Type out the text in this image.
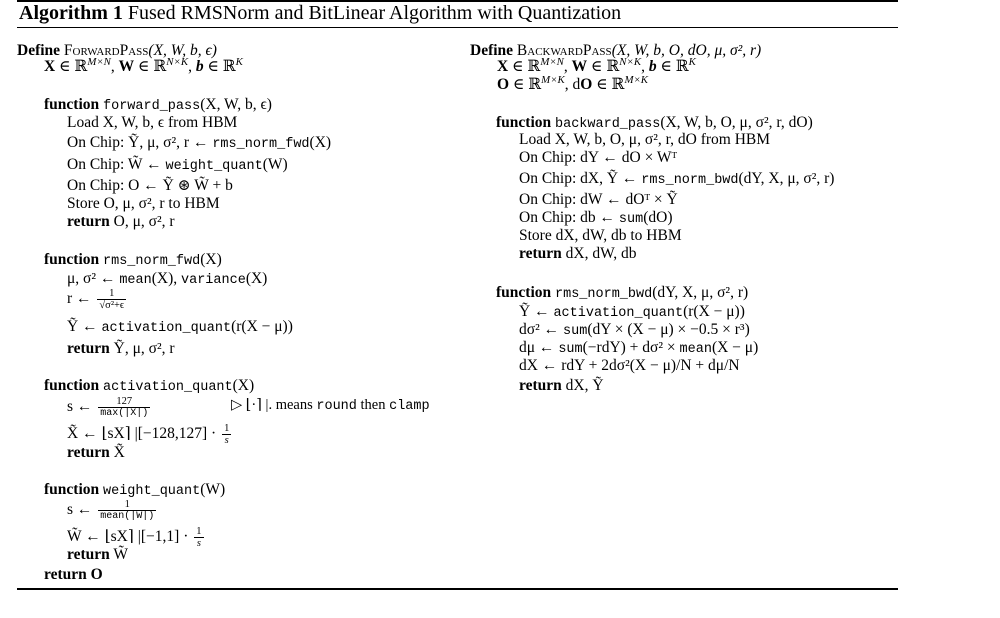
Algorithm 1 Fused RMSNorm and BitLinear Algorithm with Quantization
Define ForwardPass(X, W, b, ϵ)
X ∈ ℝ$^{M\times N}$, W ∈ ℝ$^{N\times K}$, b ∈ ℝ$^K$
function forward_pass(X, W, b, ϵ)
Load X, W, b, ϵ from HBM
On Chip: Ỹ, μ, σ², r ← rms_norm_fwd(X)
On Chip: W̃ ← weight_quant(W)
On Chip: O ← Ỹ ⊛ W̃ + b
Store O, μ, σ², r to HBM
return O, μ, σ², r
function rms_norm_fwd(X)
μ, σ² ← mean(X), variance(X)
r ← $\frac{1}{\text{√σ²+ϵ}}$
Ỹ ← activation_quant(r(X − μ))
return Ỹ, μ, σ², r
function activation_quant(X)
s ← $\frac{127}{\max(|X|)}$	▷ ⌊·⌉ |. means round then clamp
X̃ ← ⌊sX⌉ $|[-128,127] \cdot \frac{1}{s}$
return X̃
function weight_quant(W)
s ← $\frac{1}{\text{mean(|W|)}}$
W̃ ← ⌊sX⌉ $|[-1,1] \cdot \frac{1}{s}$
return W̃
return O
Define BackwardPass(X, W, b, O, dO, μ, σ², r)
X ∈ ℝ$^{M\times N}$, W ∈ ℝ$^{N\times K}$, b ∈ ℝ$^K$
O ∈ ℝ$^{M\times K}$, dO ∈ ℝ$^{M\times K}$
function backward_pass(X, W, b, O, μ, σ², r, dO)
Load X, W, b, O, μ, σ², r, dO from HBM
On Chip: dY ← dO × Wᵀ
On Chip: dX, Ỹ ← rms_norm_bwd(dY, X, μ, σ², r)
On Chip: dW ← dOᵀ × Ỹ
On Chip: db ← sum(dO)
Store dX, dW, db to HBM
return dX, dW, db
function rms_norm_bwd(dY, X, μ, σ², r)
Ỹ ← activation_quant(r(X − μ))
dσ² ← sum(dY × (X − μ) × −0.5 × r³)
dμ ← sum(−rdY) + dσ² × mean(X − μ)
dX ← rdY + 2dσ²(X − μ)/N + dμ/N
return dX, Ỹ
